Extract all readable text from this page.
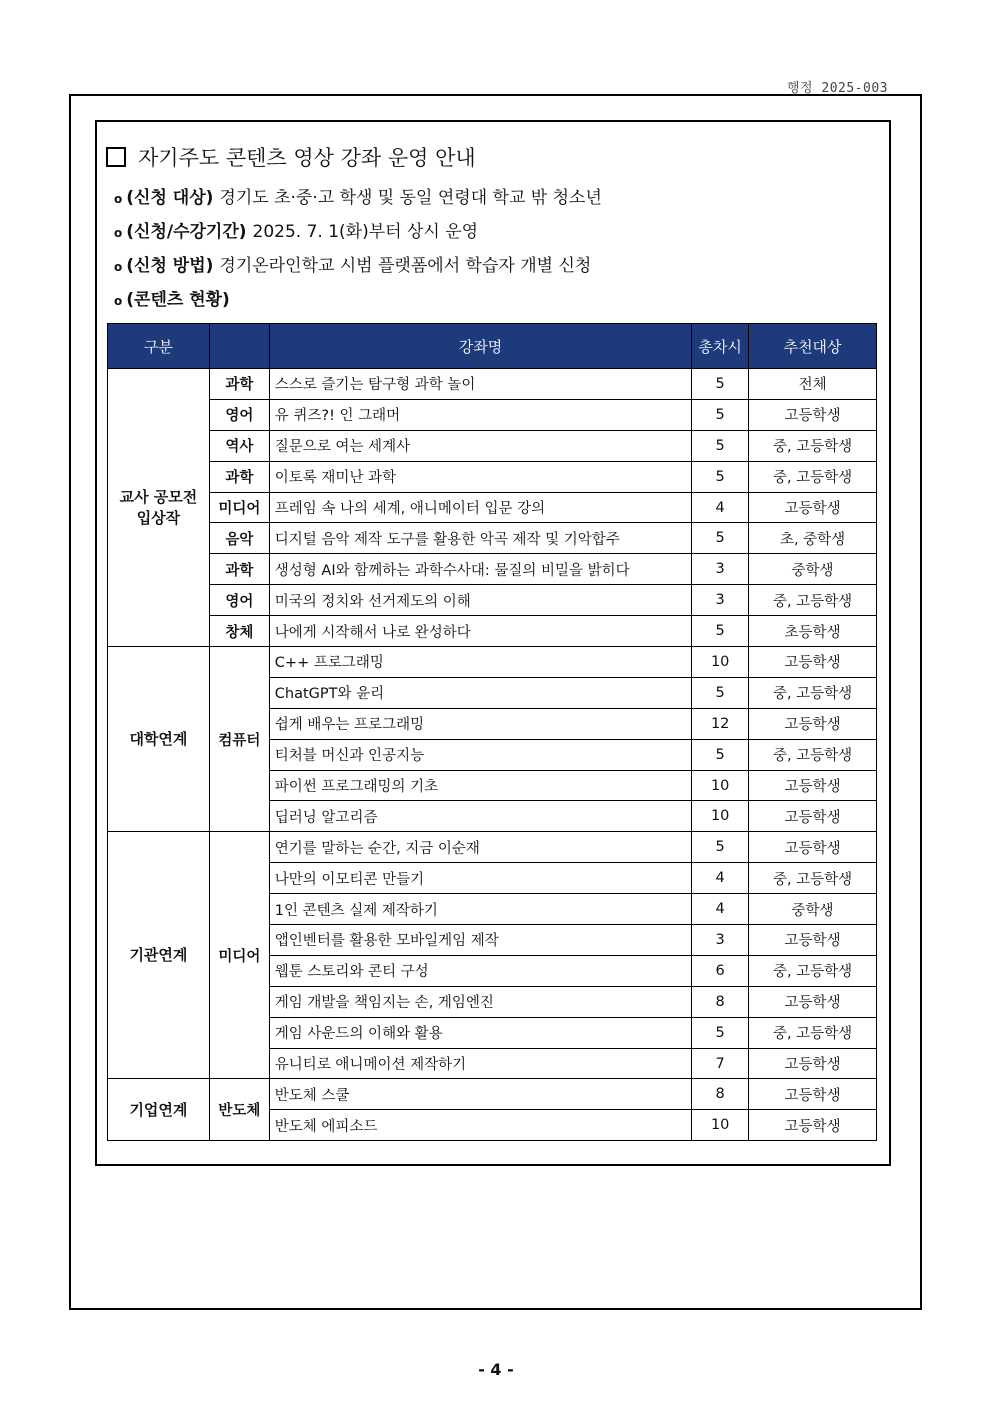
행정 2025-003
자기주도 콘텐츠 영상 강좌 운영 안내
o (신청 대상) 경기도 초·중·고 학생 및 동일 연령대 학교 밖 청소년
o (신청/수강기간) 2025. 7. 1(화)부터 상시 운영
o (신청 방법) 경기온라인학교 시범 플랫폼에서 학습자 개별 신청
o (콘텐츠 현황)
구분		강좌명	총차시	추천대상
교사 공모전
입상작	과학	스스로 즐기는 탐구형 과학 놀이	5	전체
	영어	유 퀴즈?! 인 그래머	5	고등학생
	역사	질문으로 여는 세계사	5	중, 고등학생
	과학	이토록 재미난 과학	5	중, 고등학생
	미디어	프레임 속 나의 세계, 애니메이터 입문 강의	4	고등학생
	음악	디지털 음악 제작 도구를 활용한 악곡 제작 및 기악합주	5	초, 중학생
	과학	생성형 AI와 함께하는 과학수사대: 물질의 비밀을 밝히다	3	중학생
	영어	미국의 정치와 선거제도의 이해	3	중, 고등학생
	창체	나에게 시작해서 나로 완성하다	5	초등학생
대학연계	컴퓨터	C++ 프로그래밍	10	고등학생
		ChatGPT와 윤리	5	중, 고등학생
		쉽게 배우는 프로그래밍	12	고등학생
		티처블 머신과 인공지능	5	중, 고등학생
		파이썬 프로그래밍의 기초	10	고등학생
		딥러닝 알고리즘	10	고등학생
기관연계	미디어	연기를 말하는 순간, 지금 이순재	5	고등학생
		나만의 이모티콘 만들기	4	중, 고등학생
		1인 콘텐츠 실제 제작하기	4	중학생
		앱인벤터를 활용한 모바일게임 제작	3	고등학생
		웹툰 스토리와 콘티 구성	6	중, 고등학생
		게임 개발을 책임지는 손, 게임엔진	8	고등학생
		게임 사운드의 이해와 활용	5	중, 고등학생
		유니티로 애니메이션 제작하기	7	고등학생
기업연계	반도체	반도체 스쿨	8	고등학생
		반도체 에피소드	10	고등학생
- 4 -
